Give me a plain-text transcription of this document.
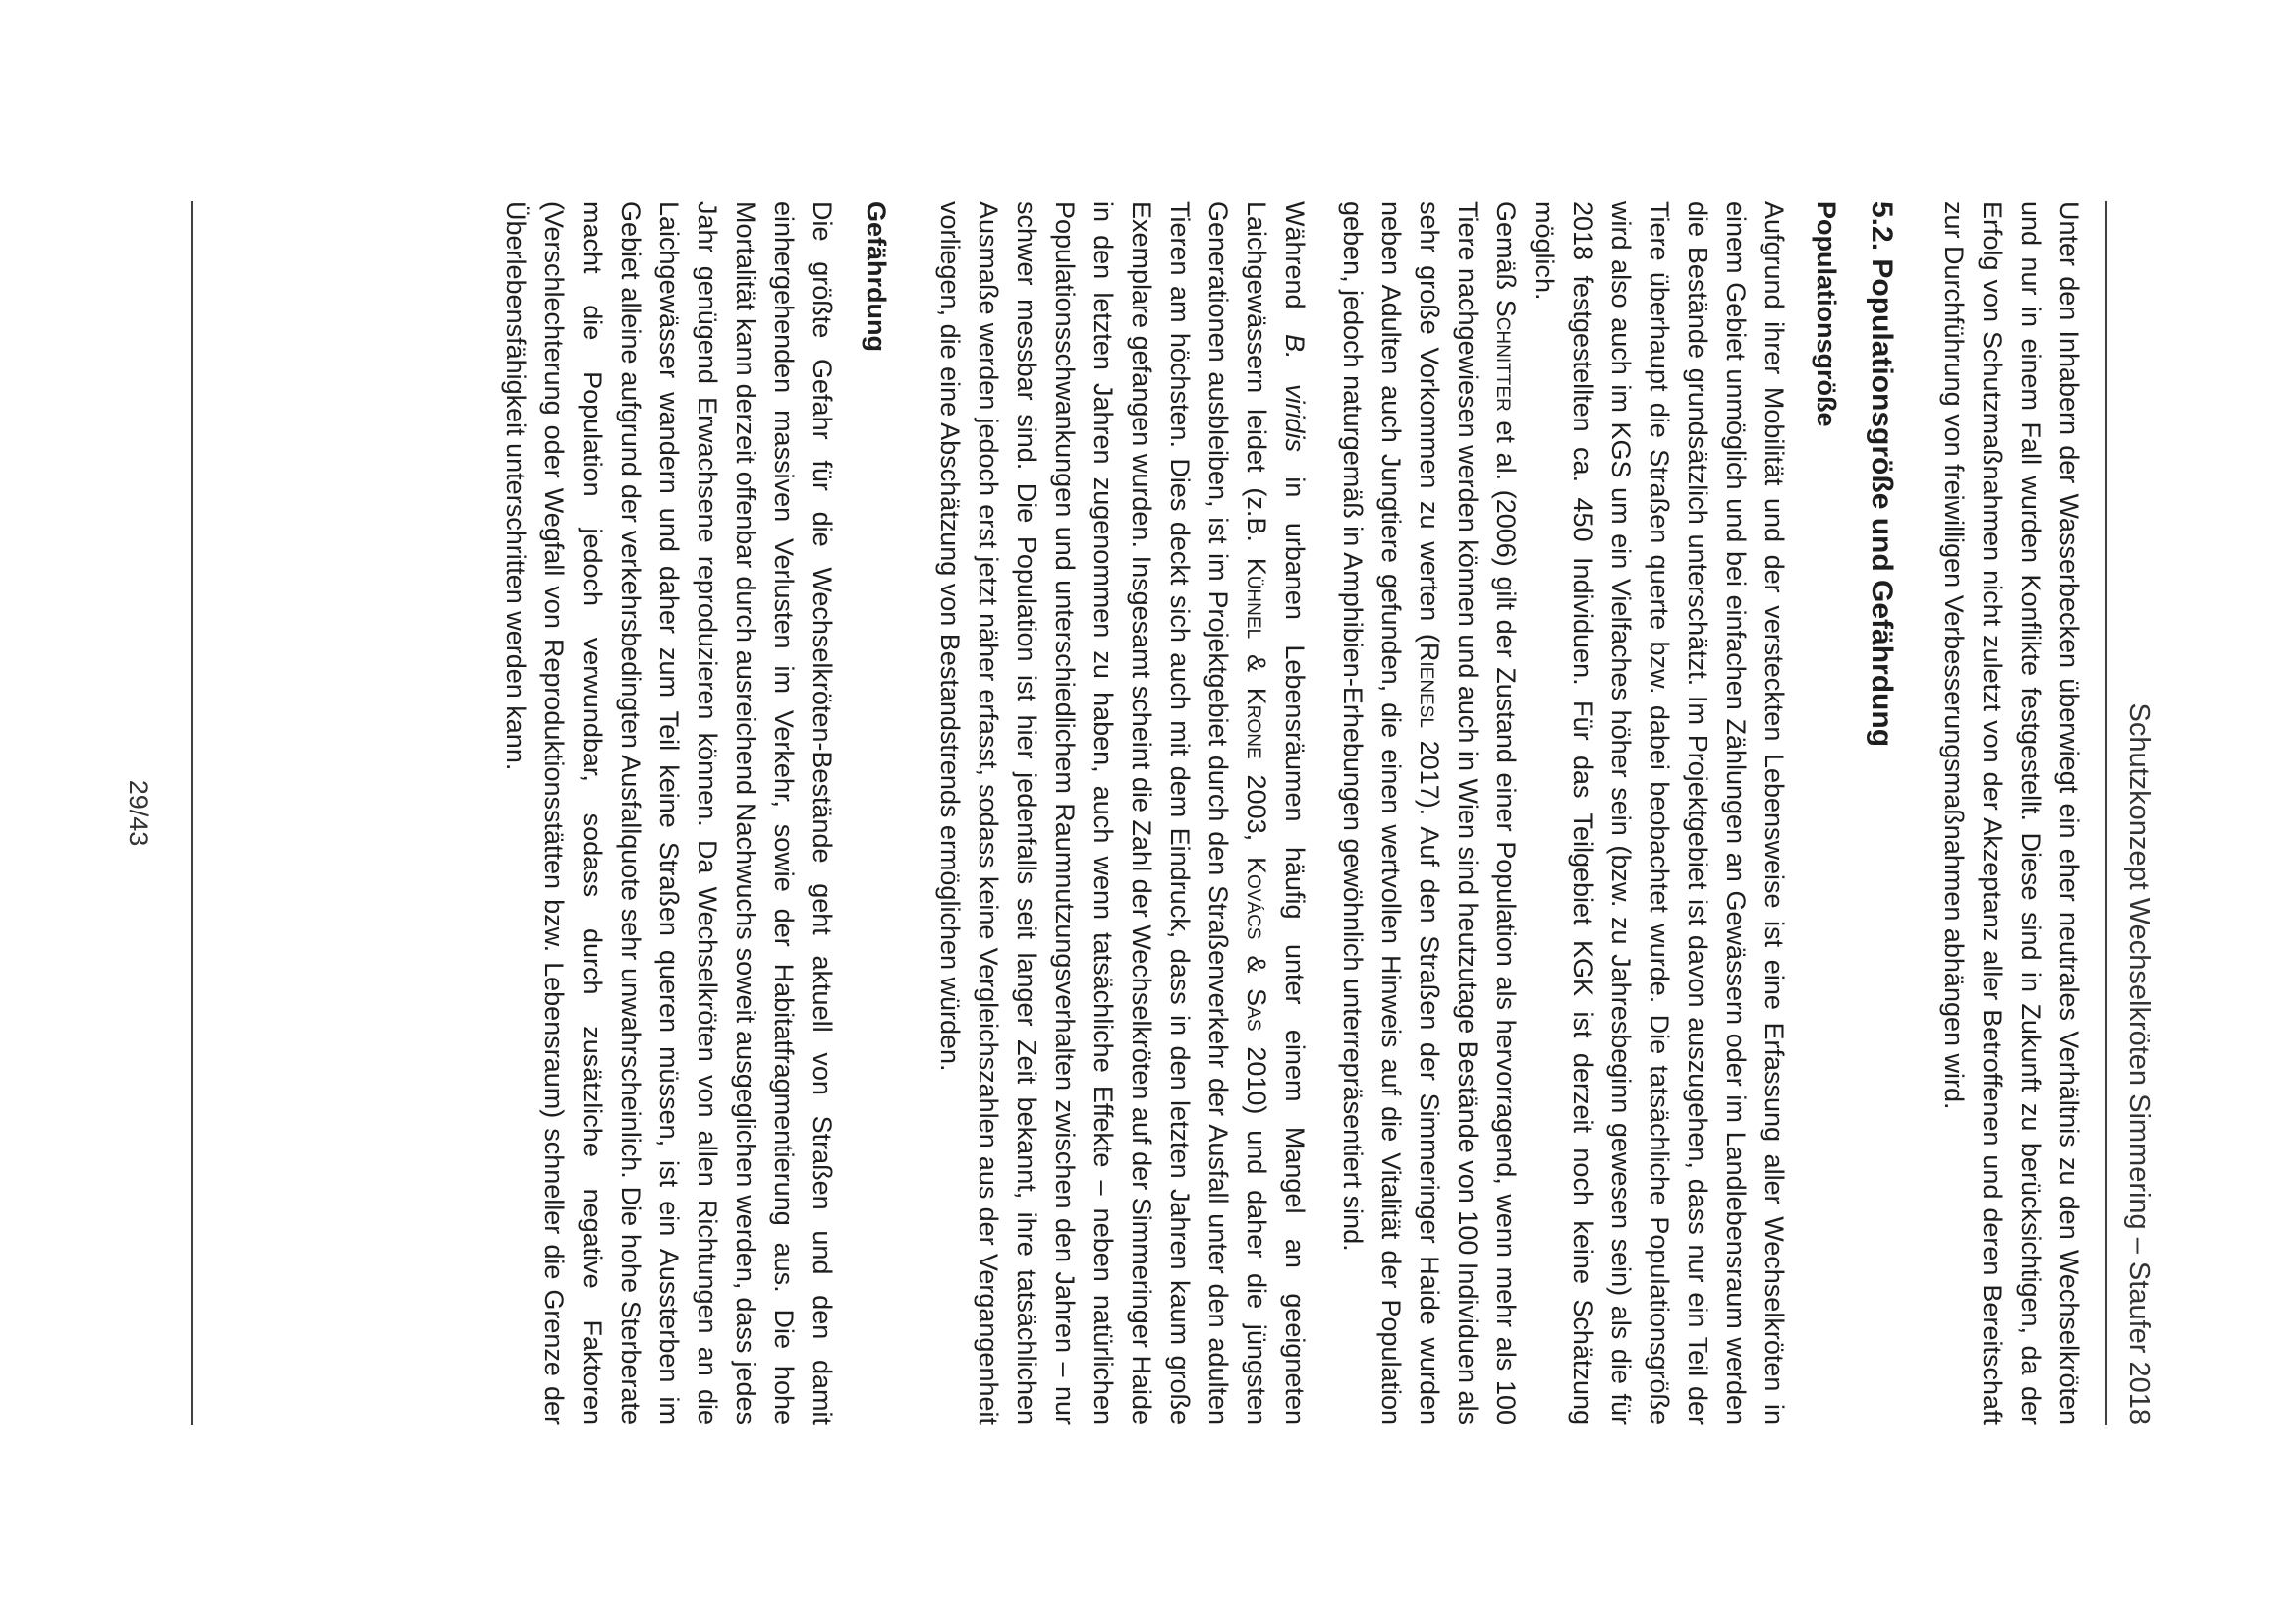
Schutzkonzept Wechselkröten Simmering – Staufer 2018

Unter den Inhabern der Wasserbecken überwiegt ein eher neutrales Verhältnis zu den Wechselkröten und nur in einem Fall wurden Konflikte festgestellt. Diese sind in Zukunft zu berücksichtigen, da der Erfolg von Schutzmaßnahmen nicht zuletzt von der Akzeptanz aller Betroffenen und deren Bereitschaft zur Durchführung von freiwilligen Verbesserungsmaßnahmen abhängen wird.

5.2. Populationsgröße und Gefährdung
Populationsgröße

Aufgrund ihrer Mobilität und der versteckten Lebensweise ist eine Erfassung aller Wechselkröten in einem Gebiet unmöglich und bei einfachen Zählungen an Gewässern oder im Landlebensraum werden die Bestände grundsätzlich unterschätzt. Im Projektgebiet ist davon auszugehen, dass nur ein Teil der Tiere überhaupt die Straßen querte bzw. dabei beobachtet wurde. Die tatsächliche Populationsgröße wird also auch im KGS um ein Vielfaches höher sein (bzw. zu Jahresbeginn gewesen sein) als die für 2018 festgestellten ca. 450 Individuen. Für das Teilgebiet KGK ist derzeit noch keine Schätzung möglich.

Gemäß Schnitter et al. (2006) gilt der Zustand einer Population als hervorragend, wenn mehr als 100 Tiere nachgewiesen werden können und auch in Wien sind heutzutage Bestände von 100 Individuen als sehr große Vorkommen zu werten (Rienesl 2017). Auf den Straßen der Simmeringer Haide wurden neben Adulten auch Jungtiere gefunden, die einen wertvollen Hinweis auf die Vitalität der Population geben, jedoch naturgemäß in Amphibien-Erhebungen gewöhnlich unterrepräsentiert sind.

Während B. viridis in urbanen Lebensräumen häufig unter einem Mangel an geeigneten Laichgewässern leidet (z.B. Kühnel & Krone 2003, Kovács & Sas 2010) und daher die jüngsten Generationen ausbleiben, ist im Projektgebiet durch den Straßenverkehr der Ausfall unter den adulten Tieren am höchsten. Dies deckt sich auch mit dem Eindruck, dass in den letzten Jahren kaum große Exemplare gefangen wurden. Insgesamt scheint die Zahl der Wechselkröten auf der Simmeringer Haide in den letzten Jahren zugenommen zu haben, auch wenn tatsächliche Effekte – neben natürlichen Populationsschwankungen und unterschiedlichem Raumnutzungsverhalten zwischen den Jahren – nur schwer messbar sind. Die Population ist hier jedenfalls seit langer Zeit bekannt, ihre tatsächlichen Ausmaße werden jedoch erst jetzt näher erfasst, sodass keine Vergleichszahlen aus der Vergangenheit vorliegen, die eine Abschätzung von Bestandstrends ermöglichen würden.

Gefährdung

Die größte Gefahr für die Wechselkröten-Bestände geht aktuell von Straßen und den damit einhergehenden massiven Verlusten im Verkehr, sowie der Habitatfragmentierung aus. Die hohe Mortalität kann derzeit offenbar durch ausreichend Nachwuchs soweit ausgeglichen werden, dass jedes Jahr genügend Erwachsene reproduzieren können. Da Wechselkröten von allen Richtungen an die Laichgewässer wandern und daher zum Teil keine Straßen queren müssen, ist ein Aussterben im Gebiet alleine aufgrund der verkehrsbedingten Ausfallquote sehr unwahrscheinlich. Die hohe Sterberate macht die Population jedoch verwundbar, sodass durch zusätzliche negative Faktoren (Verschlechterung oder Wegfall von Reproduktionsstätten bzw. Lebensraum) schneller die Grenze der Überlebensfähigkeit unterschritten werden kann.

29/43
